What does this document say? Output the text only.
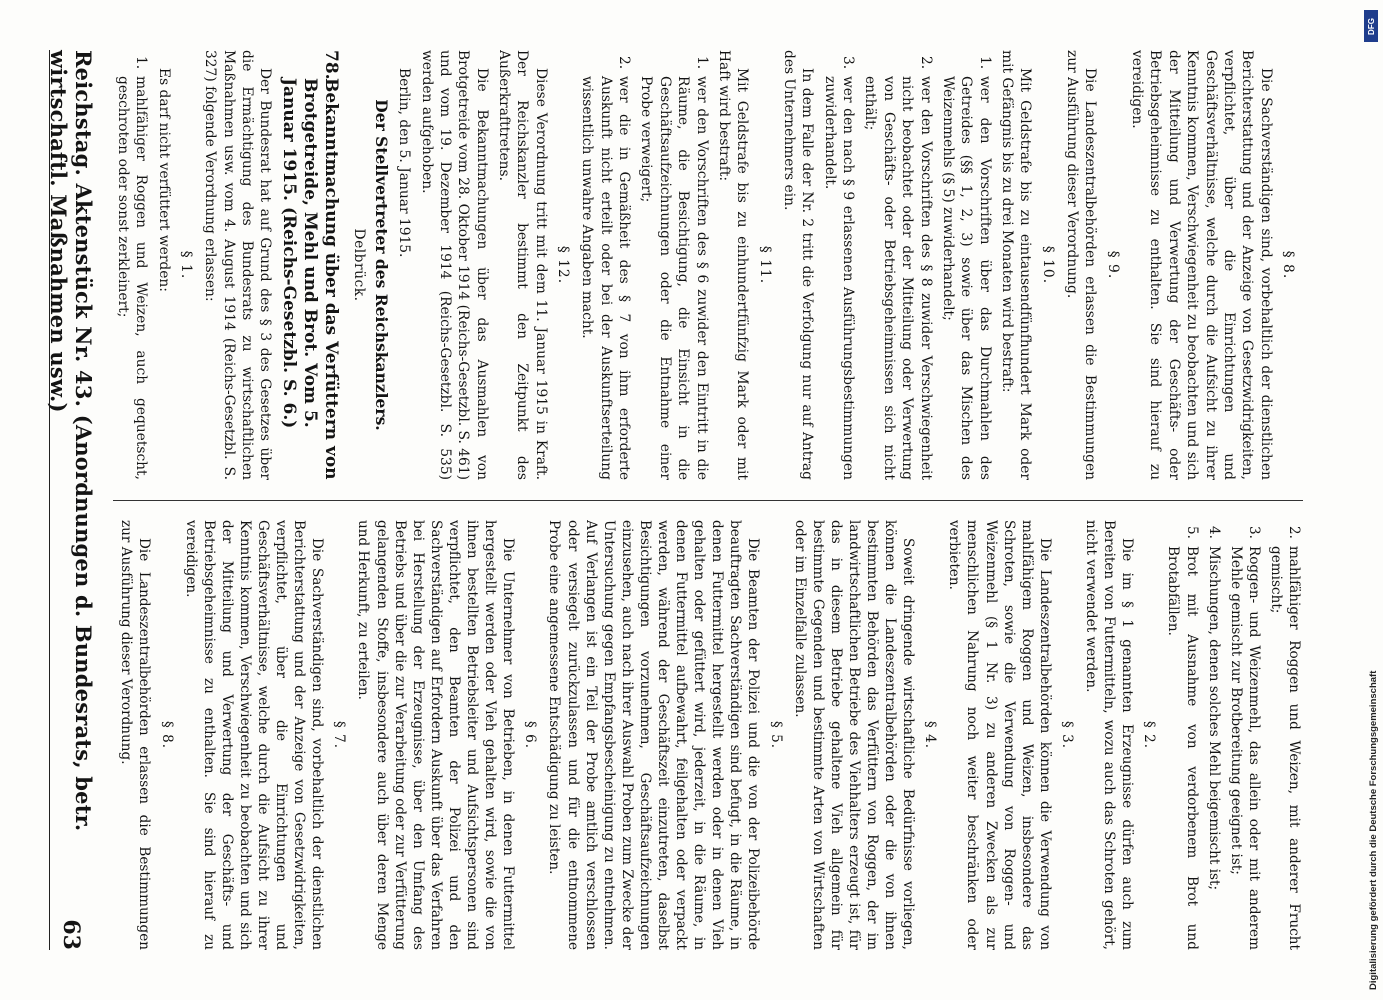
Reichstag. Aktenstück Nr. 43. (Anordnungen d. Bundesrats, betr. wirtschaftl. Maßnahmen usw.)
63
§ 8.

Die Sachverständigen sind, vorbehaltlich der dienstlichen Berichterstattung und der Anzeige von Gesetzwidrigkeiten, verpflichtet, über die Einrichtungen und Geschäftsverhältnisse, welche durch die Aufsicht zu ihrer Kenntnis kommen, Verschwiegenheit zu beobachten und sich der Mitteilung und Verwertung der Geschäfts- oder Betriebsgeheimnisse zu enthalten. Sie sind hierauf zu vereidigen.

§ 9.

Die Landeszentralbehörden erlassen die Bestimmungen zur Ausführung dieser Verordnung.

§ 10.

Mit Geldstrafe bis zu eintausendfünfhundert Mark oder mit Gefängnis bis zu drei Monaten wird bestraft:

1.
wer den Vorschriften über das Durchmahlen des Getreides (§§ 1, 2, 3) sowie über das Mischen des Weizenmehls (§ 5) zuwiderhandelt;

2.
wer den Vorschriften des § 8 zuwider Verschwiegenheit nicht beobachtet oder der Mitteilung oder Verwertung von Geschäfts- oder Betriebsgeheimnissen sich nicht enthält;

3.
wer den nach § 9 erlassenen Ausführungsbestimmungen zuwiderhandelt.

In dem Falle der Nr. 2 tritt die Verfolgung nur auf Antrag des Unternehmers ein.

§ 11.

Mit Geldstrafe bis zu einhundertfünfzig Mark oder mit Haft wird bestraft:

1.
wer den Vorschriften des § 6 zuwider den Eintritt in die Räume, die Besichtigung, die Einsicht in die Geschäftsaufzeichnungen oder die Entnahme einer Probe verweigert;

2.
wer die in Gemäßheit des § 7 von ihm erforderte Auskunft nicht erteilt oder bei der Auskunftserteilung wissentlich unwahre Angaben macht.

§ 12.

Diese Verordnung tritt mit dem 11. Januar 1915 in Kraft. Der Reichskanzler bestimmt den Zeitpunkt des Außerkrafttretens.

Die Bekanntmachungen über das Ausmahlen von Brotgetreide vom 28. Oktober 1914 (Reichs-Gesetzbl. S. 461) und vom 19. Dezember 1914 (Reichs-Gesetzbl. S. 535) werden aufgehoben.

Berlin, den 5. Januar 1915.

Der Stellvertreter des Reichskanzlers.
Delbrück.
78.
Bekanntmachung über das Verfüttern von Brotgetreide, Mehl und Brot. Vom 5. Januar 1915. (Reichs-Gesetzbl. S. 6.)

Der Bundesrat hat auf Grund des § 3 des Gesetzes über die Ermächtigung des Bundesrats zu wirtschaftlichen Maßnahmen usw. vom 4. August 1914 (Reichs-Gesetzbl. S. 327) folgende Verordnung erlassen:

§ 1.

Es darf nicht verfüttert werden:

1.
mahlfähiger Roggen und Weizen, auch gequetscht, geschroten oder sonst zerkleinert;

2.
mahlfähiger Roggen und Weizen, mit anderer Frucht gemischt;

3.
Roggen- und Weizenmehl, das allein oder mit anderem Mehle gemischt zur Brotbereitung geeignet ist;

4.
Mischungen, denen solches Mehl beigemischt ist;

5.
Brot mit Ausnahme von verdorbenem Brot und Brotabfällen.

§ 2.

Die im § 1 genannten Erzeugnisse dürfen auch zum Bereiten von Futtermitteln, wozu auch das Schroten gehört, nicht verwendet werden.

§ 3.

Die Landeszentralbehörden können die Verwendung von mahlfähigem Roggen und Weizen, insbesondere das Schroten, sowie die Verwendung von Roggen- und Weizenmehl (§ 1 Nr. 3) zu anderen Zwecken als zur menschlichen Nahrung noch weiter beschränken oder verbieten.

§ 4.

Soweit dringende wirtschaftliche Bedürfnisse vorliegen, können die Landeszentralbehörden oder die von ihnen bestimmten Behörden das Verfüttern von Roggen, der im landwirtschaftlichen Betriebe des Viehhalters erzeugt ist, für das in diesem Betriebe gehaltene Vieh allgemein für bestimmte Gegenden und bestimmte Arten von Wirtschaften oder im Einzelfalle zulassen.

§ 5.

Die Beamten der Polizei und die von der Polizeibehörde beauftragten Sachverständigen sind befugt, in die Räume, in denen Futtermittel hergestellt werden oder in denen Vieh gehalten oder gefüttert wird, jederzeit, in die Räume, in denen Futtermittel aufbewahrt, feilgehalten oder verpackt werden, während der Geschäftszeit einzutreten, daselbst Besichtigungen vorzunehmen, Geschäftsaufzeichnungen einzusehen, auch nach ihrer Auswahl Proben zum Zwecke der Untersuchung gegen Empfangsbescheinigung zu entnehmen. Auf Verlangen ist ein Teil der Probe amtlich verschlossen oder versiegelt zurückzulassen und für die entnommene Probe eine angemessene Entschädigung zu leisten.

§ 6.

Die Unternehmer von Betrieben, in denen Futtermittel hergestellt werden oder Vieh gehalten wird, sowie die von ihnen bestellten Betriebsleiter und Aufsichtspersonen sind verpflichtet, den Beamten der Polizei und den Sachverständigen auf Erfordern Auskunft über das Verfahren bei Herstellung der Erzeugnisse, über den Umfang des Betriebs und über die zur Verarbeitung oder zur Verfütterung gelangenden Stoffe, insbesondere auch über deren Menge und Herkunft, zu erteilen.

§ 7.

Die Sachverständigen sind, vorbehaltlich der dienstlichen Berichterstattung und der Anzeige von Gesetzwidrigkeiten, verpflichtet, über die Einrichtungen und Geschäftsverhältnisse, welche durch die Aufsicht zu ihrer Kenntnis kommen, Verschwiegenheit zu beobachten und sich der Mitteilung und Verwertung der Geschäfts- und Betriebsgeheimnisse zu enthalten. Sie sind hierauf zu vereidigen.

§ 8.

Die Landeszentralbehörden erlassen die Bestimmungen zur Ausführung dieser Verordnung.

DFG
Digitalisierung gefördert durch die Deutsche Forschungsgemeinschaft
